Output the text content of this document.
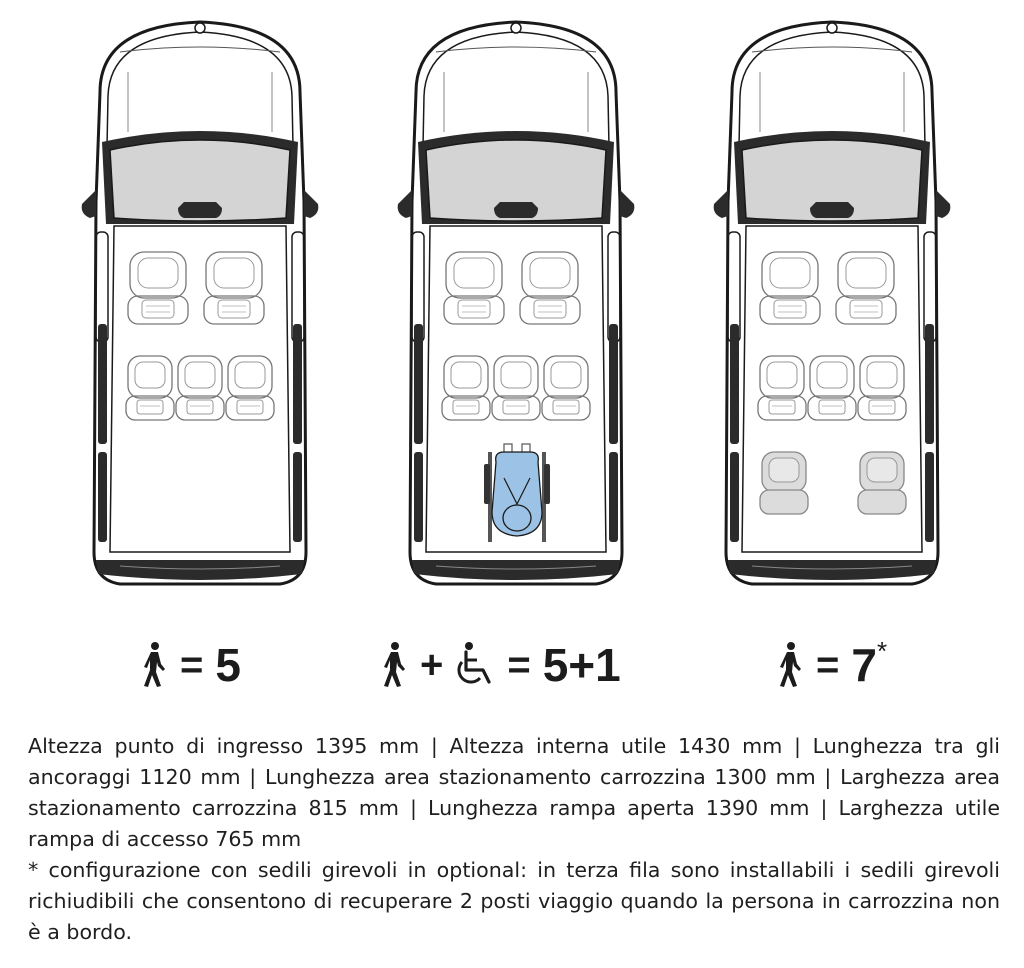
= 5	+ = 5+1	= 7*

Altezza punto di ingresso 1395 mm | Altezza interna utile 1430 mm | Lunghezza tra gli ancoraggi 1120 mm | Lunghezza area stazionamento carrozzina 1300 mm | Larghezza area stazionamento carrozzina 815 mm | Lunghezza rampa aperta 1390 mm | Larghezza utile rampa di accesso 765 mm

* configurazione con sedili girevoli in optional: in terza fila sono installabili i sedili girevoli richiudibili che consentono di recuperare 2 posti viaggio quando la persona in carrozzina non è a bordo.
